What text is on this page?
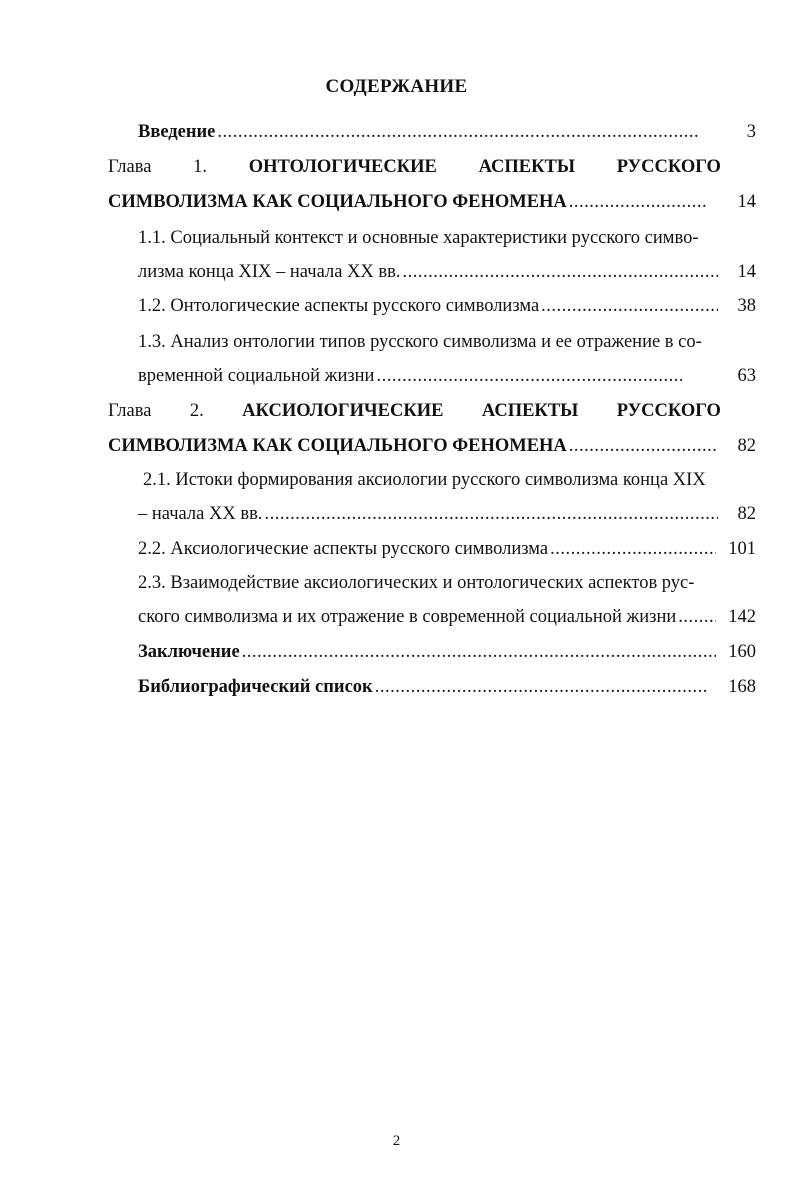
СОДЕРЖАНИЕ
Введение .....	3
Глава 1. ОНТОЛОГИЧЕСКИЕ АСПЕКТЫ РУССКОГО
СИМВОЛИЗМА КАК СОЦИАЛЬНОГО ФЕНОМЕНА .....	14
1.1. Социальный контекст и основные характеристики русского симво-
лизма конца XIX – начала XX вв. .....	14
1.2. Онтологические аспекты русского символизма .....	38
1.3. Анализ онтологии типов русского символизма и ее отражение в со-
временной социальной жизни .....	63
Глава 2. АКСИОЛОГИЧЕСКИЕ АСПЕКТЫ РУССКОГО
СИМВОЛИЗМА КАК СОЦИАЛЬНОГО ФЕНОМЕНА .....	82
2.1. Истоки формирования аксиологии русского символизма конца XIX
– начала XX вв. .....	82
2.2. Аксиологические аспекты русского символизма .....	101
2.3. Взаимодействие аксиологических и онтологических аспектов рус-
ского символизма и их отражение в современной социальной жизни .....	142
Заключение .....	160
Библиографический список .....	168
2
